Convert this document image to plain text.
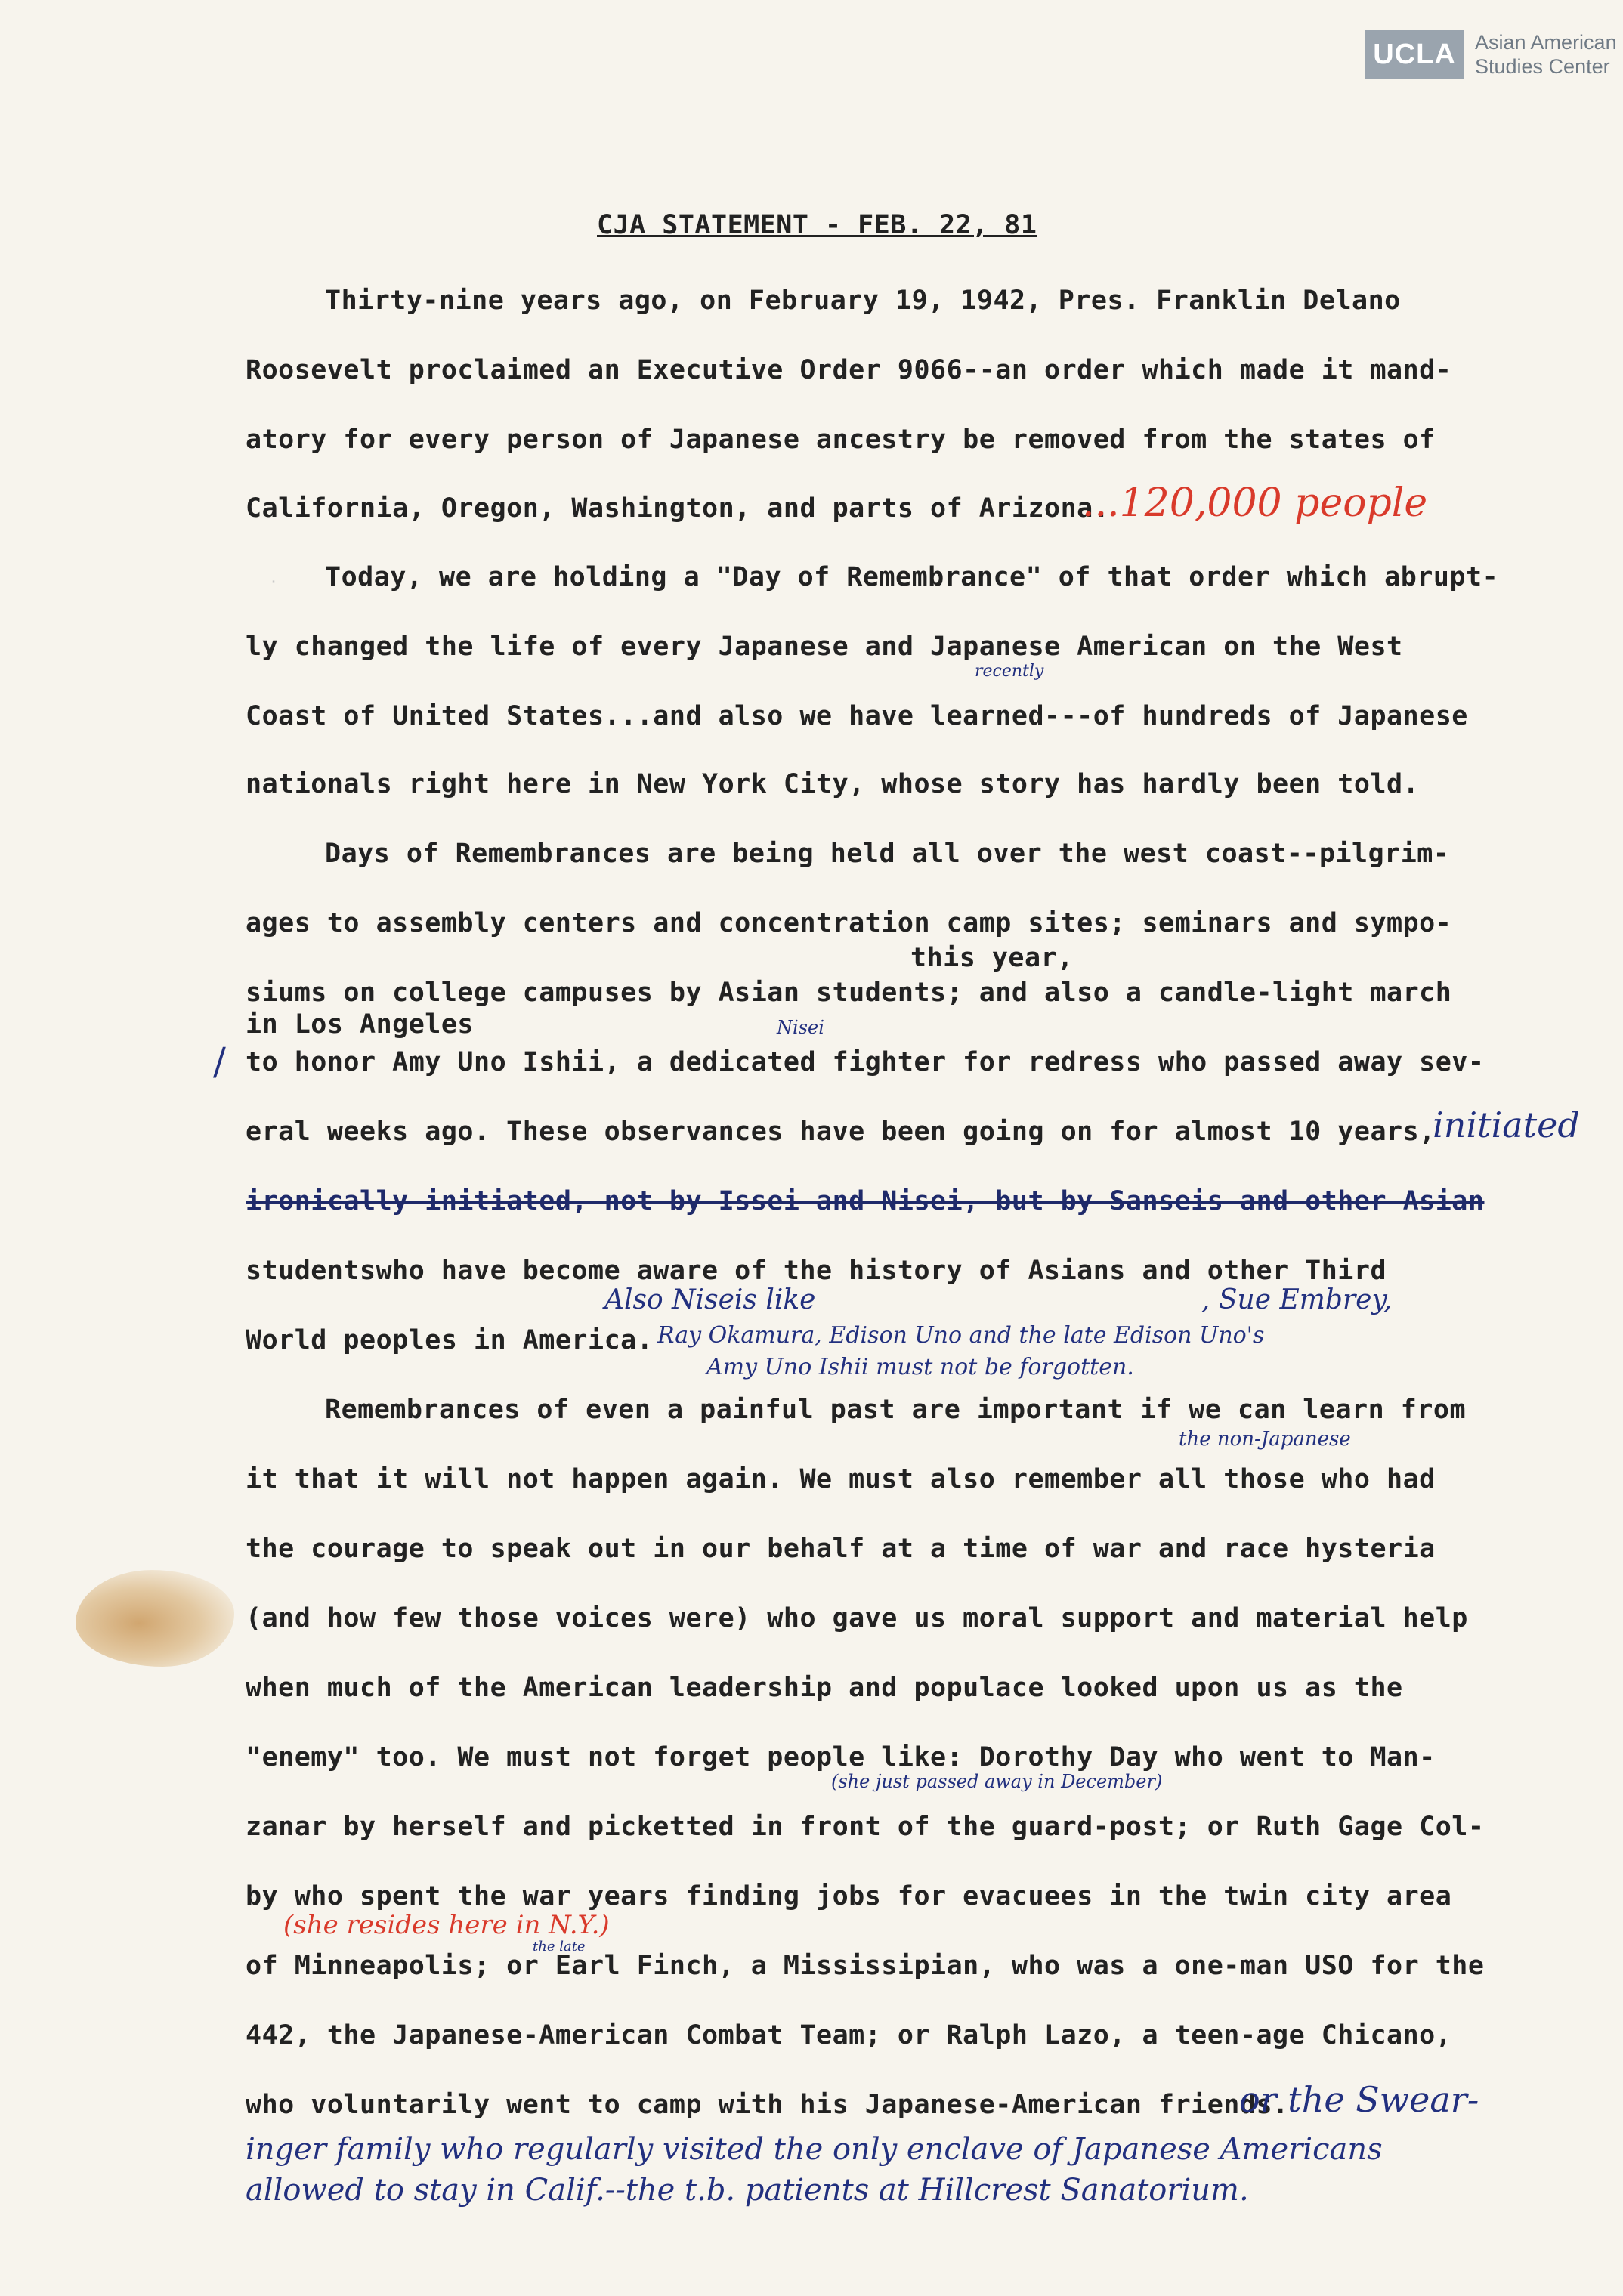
UCLA Asian American
Studies Center
·
CJA STATEMENT - FEB. 22, 81
Thirty-nine years ago, on February 19, 1942, Pres. Franklin Delano
Roosevelt proclaimed an Executive Order 9066--an order which made it mand-
atory for every person of Japanese ancestry be removed from the states of
California, Oregon, Washington, and parts of Arizona.
...120,000 people
Today, we are holding a "Day of Remembrance" of that order which abrupt-
ly changed the life of every Japanese and Japanese American on the West
recently
Coast of United States...and also we have learned---of hundreds of Japanese
nationals right here in New York City, whose story has hardly been told.
Days of Remembrances are being held all over the west coast--pilgrim-
ages to assembly centers and concentration camp sites; seminars and sympo-
this year,
siums on college campuses by Asian students; and also a candle-light march
in Los Angeles	Nisei
/ to honor Amy Uno Ishii, a dedicated fighter for redress who passed away sev-
eral weeks ago. These observances have been going on for almost 10 years,
initiated
ironically initiated, not by Issei and Nisei, but by Sanseis and other Asian
studentswho have become aware of the history of Asians and other Third
World peoples in America.
Also Niseis like	, Sue Embrey,
Ray Okamura, Edison Uno and the late Edison Uno's
Amy Uno Ishii must not be forgotten.
Remembrances of even a painful past are important if we can learn from
the non-Japanese
it that it will not happen again. We must also remember all those who had
the courage to speak out in our behalf at a time of war and race hysteria
(and how few those voices were) who gave us moral support and material help
when much of the American leadership and populace looked upon us as the
"enemy" too. We must not forget people like: Dorothy Day who went to Man-
(she just passed away in December)
zanar by herself and picketted in front of the guard-post; or Ruth Gage Col-
by who spent the war years finding jobs for evacuees in the twin city area
(she resides here in N.Y.)
the late
of Minneapolis; or Earl Finch, a Mississipian, who was a one-man USO for the
442, the Japanese-American Combat Team; or Ralph Lazo, a teen-age Chicano,
who voluntarily went to camp with his Japanese-American friends.
or the Swear-
inger family who regularly visited the only enclave of Japanese Americans
allowed to stay in Calif.--the t.b. patients at Hillcrest Sanatorium.
